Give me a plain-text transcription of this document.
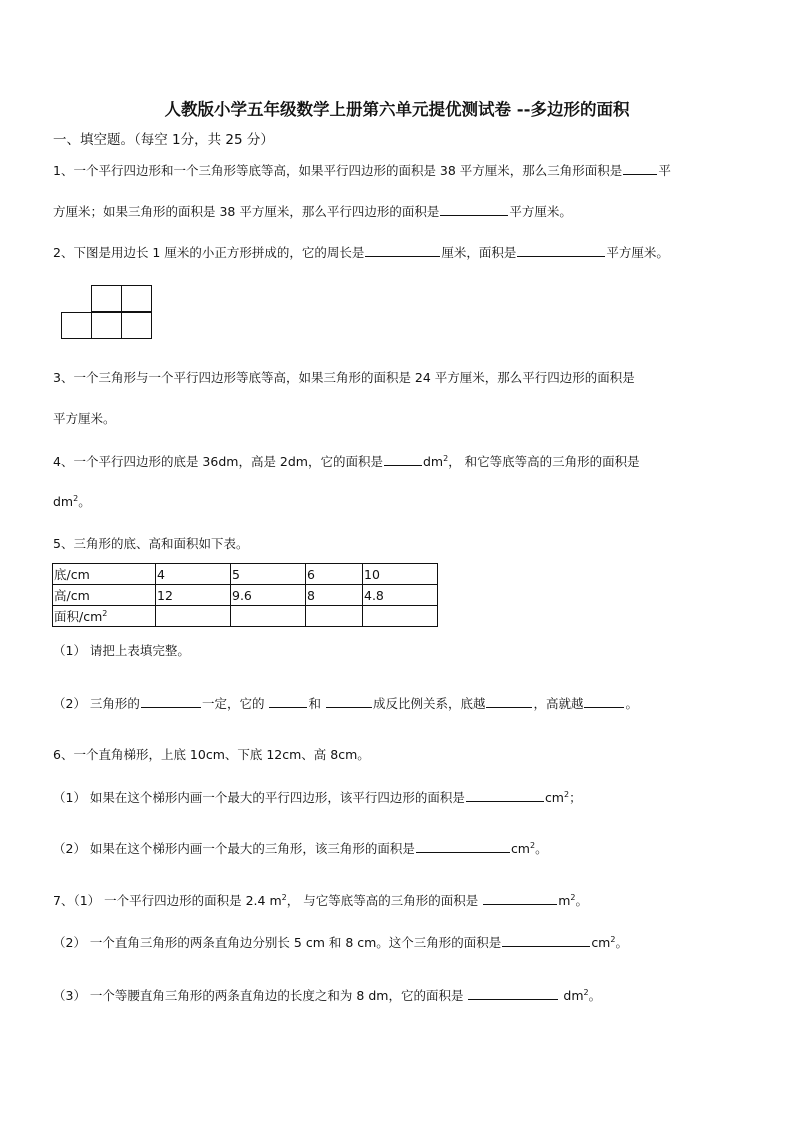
人教版小学五年级数学上册第六单元提优测试卷 --多边形的面积
一、填空题。（每空 1分，共 25 分）
1、一个平行四边形和一个三角形等底等高，如果平行四边形的面积是 38 平方厘米，那么三角形面积是	平
方厘米；如果三角形的面积是 38 平方厘米，那么平行四边形的面积是	平方厘米。
2、下图是用边长 1 厘米的小正方形拼成的，它的周长是	厘米，面积是	平方厘米。
3、一个三角形与一个平行四边形等底等高，如果三角形的面积是 24 平方厘米，那么平行四边形的面积是
平方厘米。
4、一个平行四边形的底是 36dm，高是 2dm，它的面积是	$dm^2$， 和它等底等高的三角形的面积是
$dm^2$。
5、三角形的底、高和面积如下表。
底/cm	4	5	6	10
高/cm	12	9.6	8	4.8
面积$/cm^2$				
（1） 请把上表填完整。
（2） 三角形的	一定，它的	和	成反比例关系，底越	，高就越	。
6、一个直角梯形，上底 10cm、下底 12cm、高 8cm。
（1） 如果在这个梯形内画一个最大的平行四边形，该平行四边形的面积是	$cm^2$；
（2） 如果在这个梯形内画一个最大的三角形，该三角形的面积是	$cm^2$。
7、（1） 一个平行四边形的面积是 2.4 $m^2$， 与它等底等高的三角形的面积是	$m^2$。
（2） 一个直角三角形的两条直角边分别长 5 cm 和 8 cm。这个三角形的面积是	$cm^2$。
（3） 一个等腰直角三角形的两条直角边的长度之和为 8 dm，它的面积是	$dm^2$。
